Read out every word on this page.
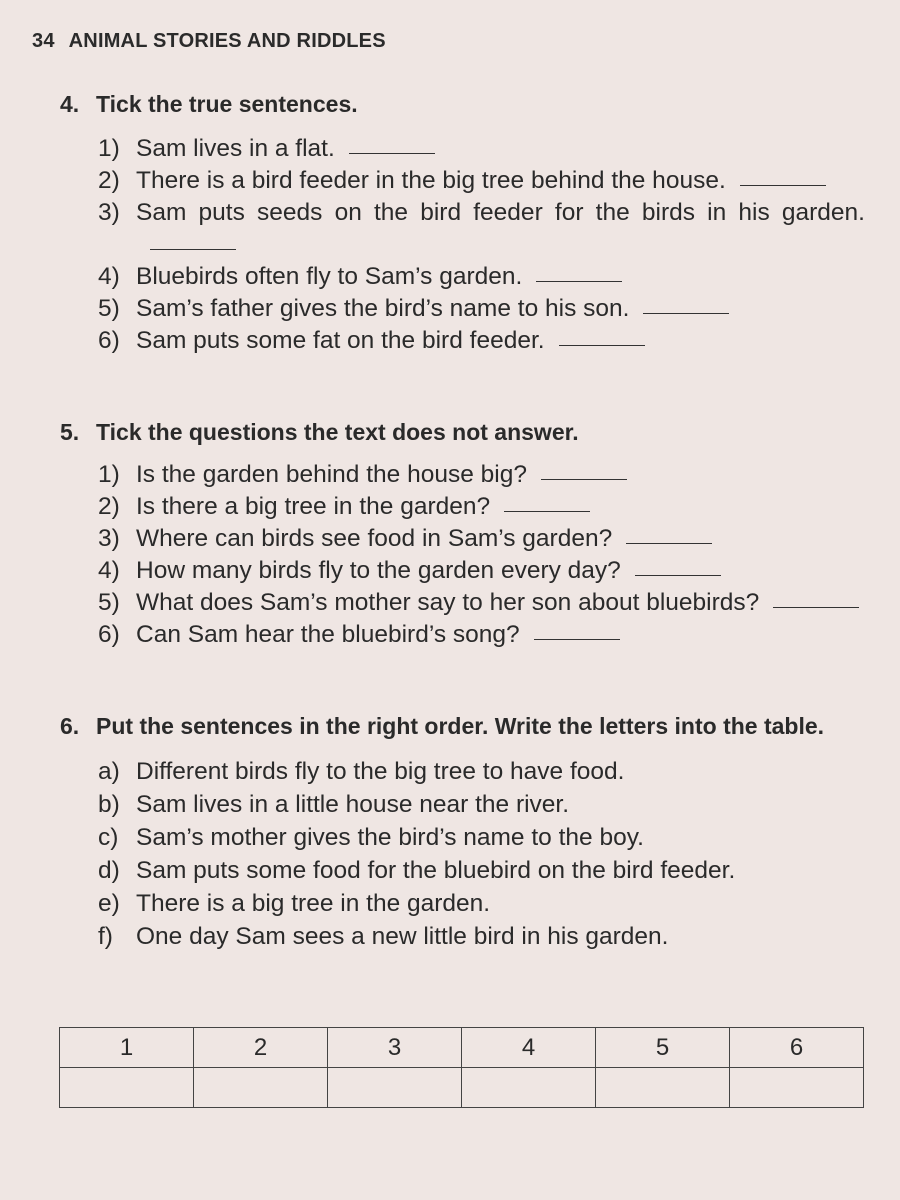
34 ANIMAL STORIES AND RIDDLES
4. Tick the true sentences.
1) Sam lives in a flat.
2) There is a bird feeder in the big tree behind the house.
3) Sam puts seeds on the bird feeder for the birds in his garden.
4) Bluebirds often fly to Sam’s garden.
5) Sam’s father gives the bird’s name to his son.
6) Sam puts some fat on the bird feeder.
5. Tick the questions the text does not answer.
1) Is the garden behind the house big?
2) Is there a big tree in the garden?
3) Where can birds see food in Sam’s garden?
4) How many birds fly to the garden every day?
5) What does Sam’s mother say to her son about bluebirds?
6) Can Sam hear the bluebird’s song?
6. Put the sentences in the right order. Write the letters into the table.
a) Different birds fly to the big tree to have food.
b) Sam lives in a little house near the river.
c) Sam’s mother gives the bird’s name to the boy.
d) Sam puts some food for the bluebird on the bird feeder.
e) There is a big tree in the garden.
f) One day Sam sees a new little bird in his garden.
1	2	3	4	5	6
